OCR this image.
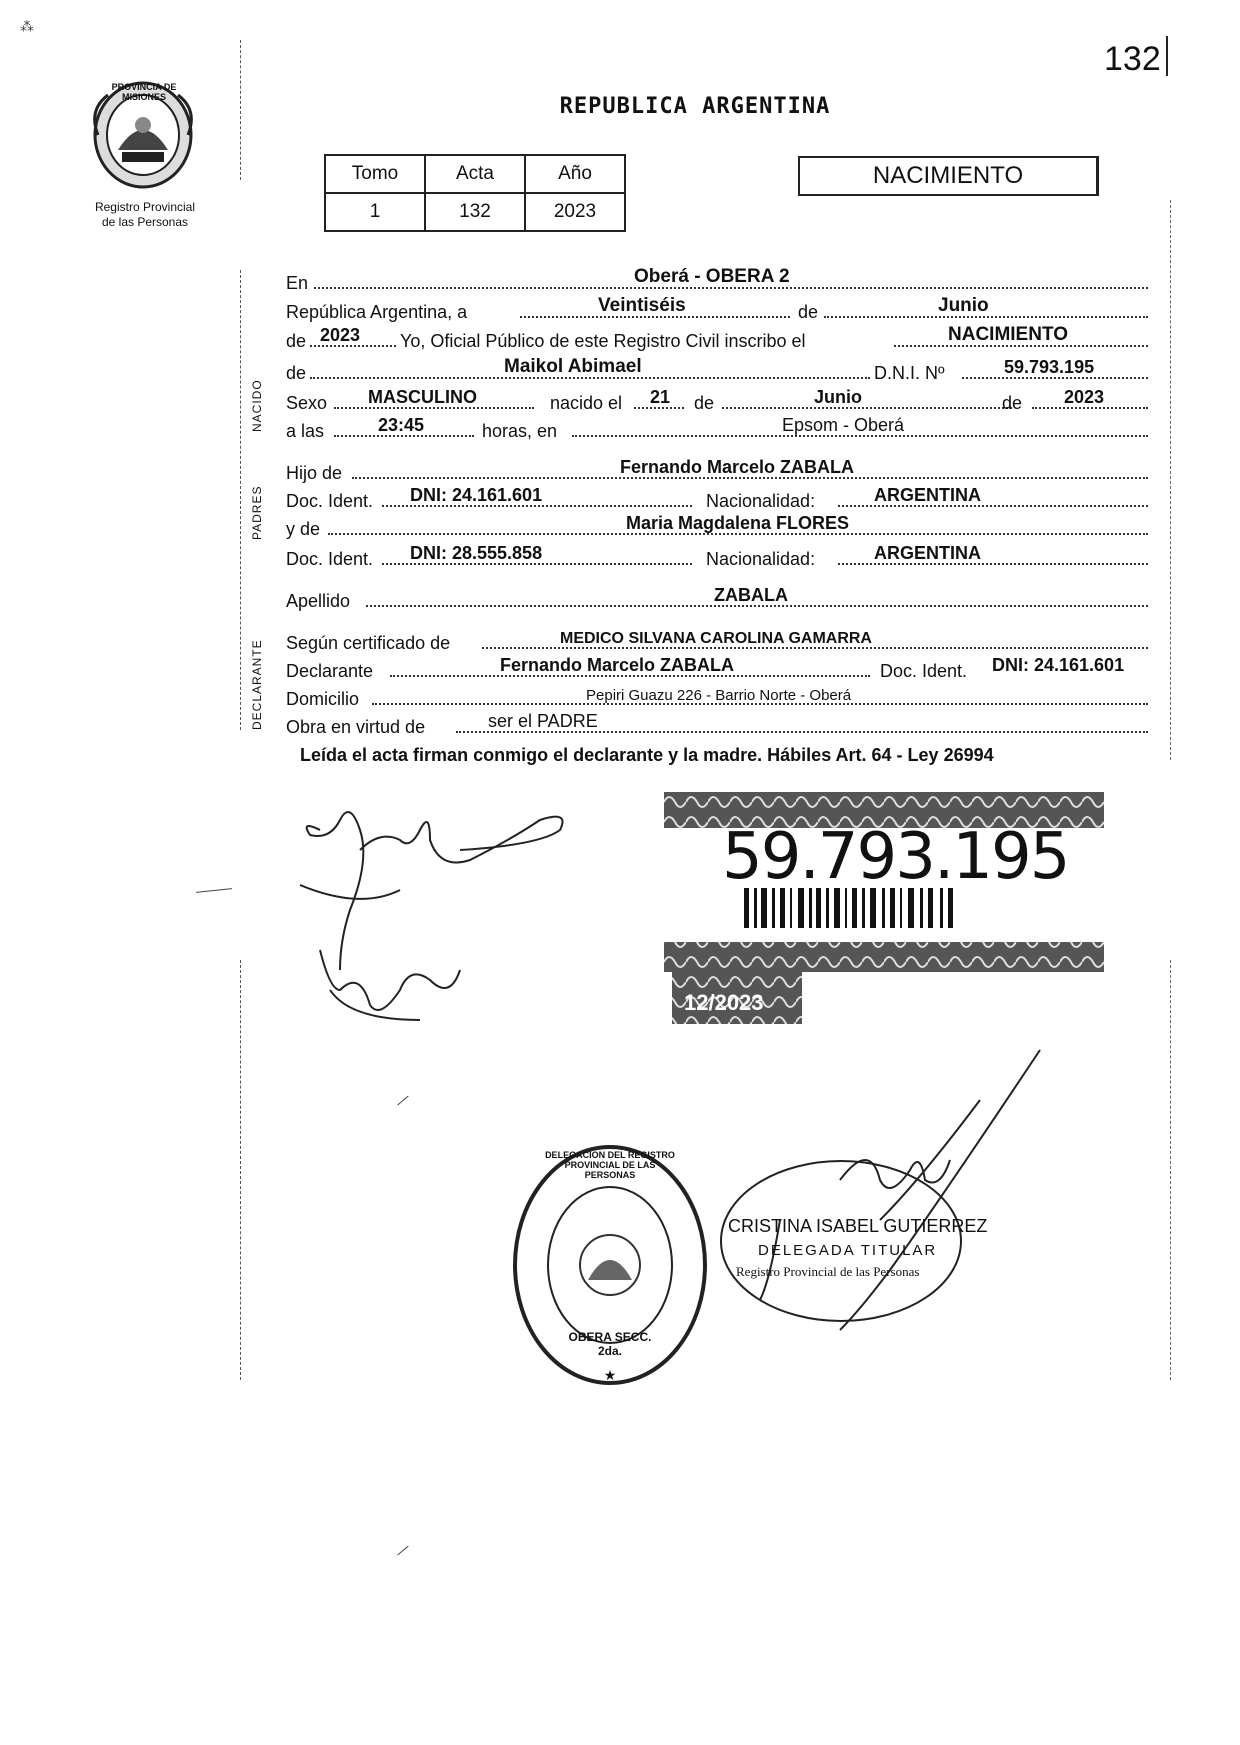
132
PROVINCIA DE MISIONES
Registro Provincial
de las Personas
REPUBLICA ARGENTINA
Tomo	Acta	Año
1	132	2023
NACIMIENTO
NACIDO
PADRES
DECLARANTE
En	Oberá - OBERA 2
República Argentina, a	Veintiséis	de	Junio
de 2023 Yo, Oficial Público de este Registro Civil inscribo el	NACIMIENTO
de	Maikol Abimael	D.N.I. Nº	59.793.195
Sexo MASCULINO	nacido el 21 de	Junio	de 2023
a las	23:45	horas, en	Epsom - Oberá
Hijo de	Fernando Marcelo ZABALA
Doc. Ident. DNI: 24.161.601	Nacionalidad:	ARGENTINA
y de	Maria Magdalena FLORES
Doc. Ident. DNI: 28.555.858	Nacionalidad:	ARGENTINA
Apellido	ZABALA
Según certificado de	MEDICO SILVANA CAROLINA GAMARRA
Declarante	Fernando Marcelo ZABALA	Doc. Ident. DNI: 24.161.601
Domicilio	Pepiri Guazu 226 - Barrio Norte - Oberá
Obra en virtud de	ser el PADRE
Leída el acta firman conmigo el declarante y la madre. Hábiles Art. 64 - Ley 26994
59.793.195
12/2023
★
DELEGACION DEL REGISTRO PROVINCIAL DE LAS PERSONAS
OBERA SECC. 2da.
CRISTINA ISABEL GUTIERREZ
DELEGADA TITULAR
Registro Provincial de las Personas
⁂
